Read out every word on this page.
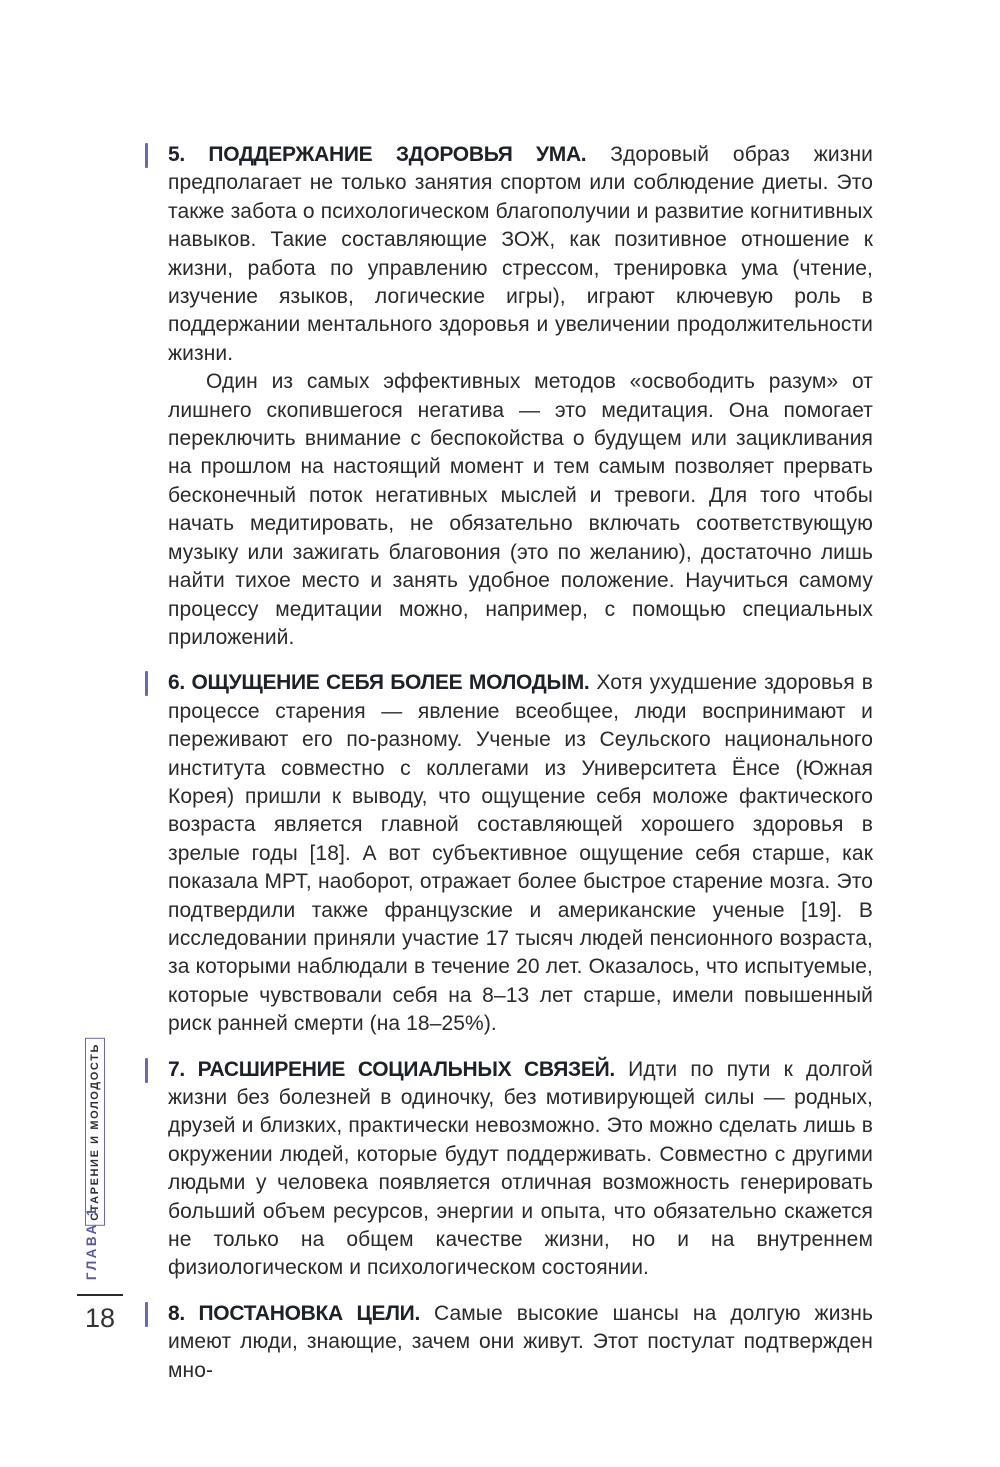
СТАРЕНИЕ И МОЛОДОСТЬ
ГЛАВА 1
18

5. ПОДДЕРЖАНИЕ ЗДОРОВЬЯ УМА. Здоровый образ жизни предполагает не только занятия спортом или соблюдение диеты. Это также забота о психологическом благополучии и развитие когнитивных навыков. Такие составляющие ЗОЖ, как позитивное отношение к жизни, работа по управлению стрессом, тренировка ума (чтение, изучение языков, логические игры), играют ключевую роль в поддержании ментального здоровья и увеличении продолжительности жизни.

Один из самых эффективных методов «освободить разум» от лишнего скопившегося негатива — это медитация. Она помогает переключить внимание с беспокойства о будущем или зацикливания на прошлом на настоящий момент и тем самым позволяет прервать бесконечный поток негативных мыслей и тревоги. Для того чтобы начать медитировать, не обязательно включать соответствующую музыку или зажигать благовония (это по желанию), достаточно лишь найти тихое место и занять удобное положение. Научиться самому процессу медитации можно, например, с помощью специальных приложений.

6. ОЩУЩЕНИЕ СЕБЯ БОЛЕЕ МОЛОДЫМ. Хотя ухудшение здоровья в процессе старения — явление всеобщее, люди воспринимают и переживают его по-разному. Ученые из Сеульского национального института совместно с коллегами из Университета Ёнсе (Южная Корея) пришли к выводу, что ощущение себя моложе фактического возраста является главной составляющей хорошего здоровья в зрелые годы [18]. А вот субъективное ощущение себя старше, как показала МРТ, наоборот, отражает более быстрое старение мозга. Это подтвердили также французские и американские ученые [19]. В исследовании приняли участие 17 тысяч людей пенсионного возраста, за которыми наблюдали в течение 20 лет. Оказалось, что испытуемые, которые чувствовали себя на 8–13 лет старше, имели повышенный риск ранней смерти (на 18–25%).

7. РАСШИРЕНИЕ СОЦИАЛЬНЫХ СВЯЗЕЙ. Идти по пути к долгой жизни без болезней в одиночку, без мотивирующей силы — родных, друзей и близких, практически невозможно. Это можно сделать лишь в окружении людей, которые будут поддерживать. Совместно с другими людьми у человека появляется отличная возможность генерировать больший объем ресурсов, энергии и опыта, что обязательно скажется не только на общем качестве жизни, но и на внутреннем физиологическом и психологическом состоянии.

8. ПОСТАНОВКА ЦЕЛИ. Самые высокие шансы на долгую жизнь имеют люди, знающие, зачем они живут. Этот постулат подтвержден мно-
